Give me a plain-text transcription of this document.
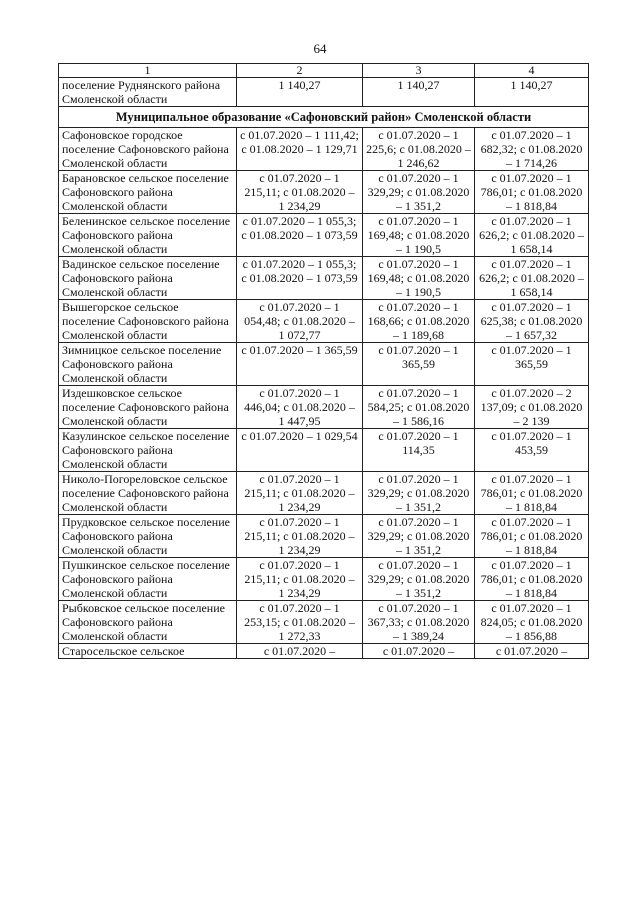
64
1	2	3	4
поселение Руднянского района Смоленской области	1 140,27	1 140,27	1 140,27
Муниципальное образование «Сафоновский район» Смоленской области			
Сафоновское городское поселение Сафоновского района Смоленской области	с 01.07.2020 – 1 111,42; с 01.08.2020 – 1 129,71	с 01.07.2020 – 1 225,6; с 01.08.2020 – 1 246,62	с 01.07.2020 – 1 682,32; с 01.08.2020 – 1 714,26
Барановское сельское поселение Сафоновского района Смоленской области	с 01.07.2020 – 1 215,11; с 01.08.2020 – 1 234,29	с 01.07.2020 – 1 329,29; с 01.08.2020 – 1 351,2	с 01.07.2020 – 1 786,01; с 01.08.2020 – 1 818,84
Беленинское сельское поселение Сафоновского района Смоленской области	с 01.07.2020 – 1 055,3; с 01.08.2020 – 1 073,59	с 01.07.2020 – 1 169,48; с 01.08.2020 – 1 190,5	с 01.07.2020 – 1 626,2; с 01.08.2020 – 1 658,14
Вадинское сельское поселение Сафоновского района Смоленской области	с 01.07.2020 – 1 055,3; с 01.08.2020 – 1 073,59	с 01.07.2020 – 1 169,48; с 01.08.2020 – 1 190,5	с 01.07.2020 – 1 626,2; с 01.08.2020 – 1 658,14
Вышегорское сельское поселение Сафоновского района Смоленской области	с 01.07.2020 – 1 054,48; с 01.08.2020 – 1 072,77	с 01.07.2020 – 1 168,66; с 01.08.2020 – 1 189,68	с 01.07.2020 – 1 625,38; с 01.08.2020 – 1 657,32
Зимницкое сельское поселение Сафоновского района Смоленской области	с 01.07.2020 – 1 365,59	с 01.07.2020 – 1 365,59	с 01.07.2020 – 1 365,59
Издешковское сельское поселение Сафоновского района Смоленской области	с 01.07.2020 – 1 446,04; с 01.08.2020 – 1 447,95	с 01.07.2020 – 1 584,25; с 01.08.2020 – 1 586,16	с 01.07.2020 – 2 137,09; с 01.08.2020 – 2 139
Казулинское сельское поселение Сафоновского района Смоленской области	с 01.07.2020 – 1 029,54	с 01.07.2020 – 1 114,35	с 01.07.2020 – 1 453,59
Николо-Погореловское сельское поселение Сафоновского района Смоленской области	с 01.07.2020 – 1 215,11; с 01.08.2020 – 1 234,29	с 01.07.2020 – 1 329,29; с 01.08.2020 – 1 351,2	с 01.07.2020 – 1 786,01; с 01.08.2020 – 1 818,84
Прудковское сельское поселение Сафоновского района Смоленской области	с 01.07.2020 – 1 215,11; с 01.08.2020 – 1 234,29	с 01.07.2020 – 1 329,29; с 01.08.2020 – 1 351,2	с 01.07.2020 – 1 786,01; с 01.08.2020 – 1 818,84
Пушкинское сельское поселение Сафоновского района Смоленской области	с 01.07.2020 – 1 215,11; с 01.08.2020 – 1 234,29	с 01.07.2020 – 1 329,29; с 01.08.2020 – 1 351,2	с 01.07.2020 – 1 786,01; с 01.08.2020 – 1 818,84
Рыбковское сельское поселение Сафоновского района Смоленской области	с 01.07.2020 – 1 253,15; с 01.08.2020 – 1 272,33	с 01.07.2020 – 1 367,33; с 01.08.2020 – 1 389,24	с 01.07.2020 – 1 824,05; с 01.08.2020 – 1 856,88
Старосельское сельское	с 01.07.2020 –	с 01.07.2020 –	с 01.07.2020 –
